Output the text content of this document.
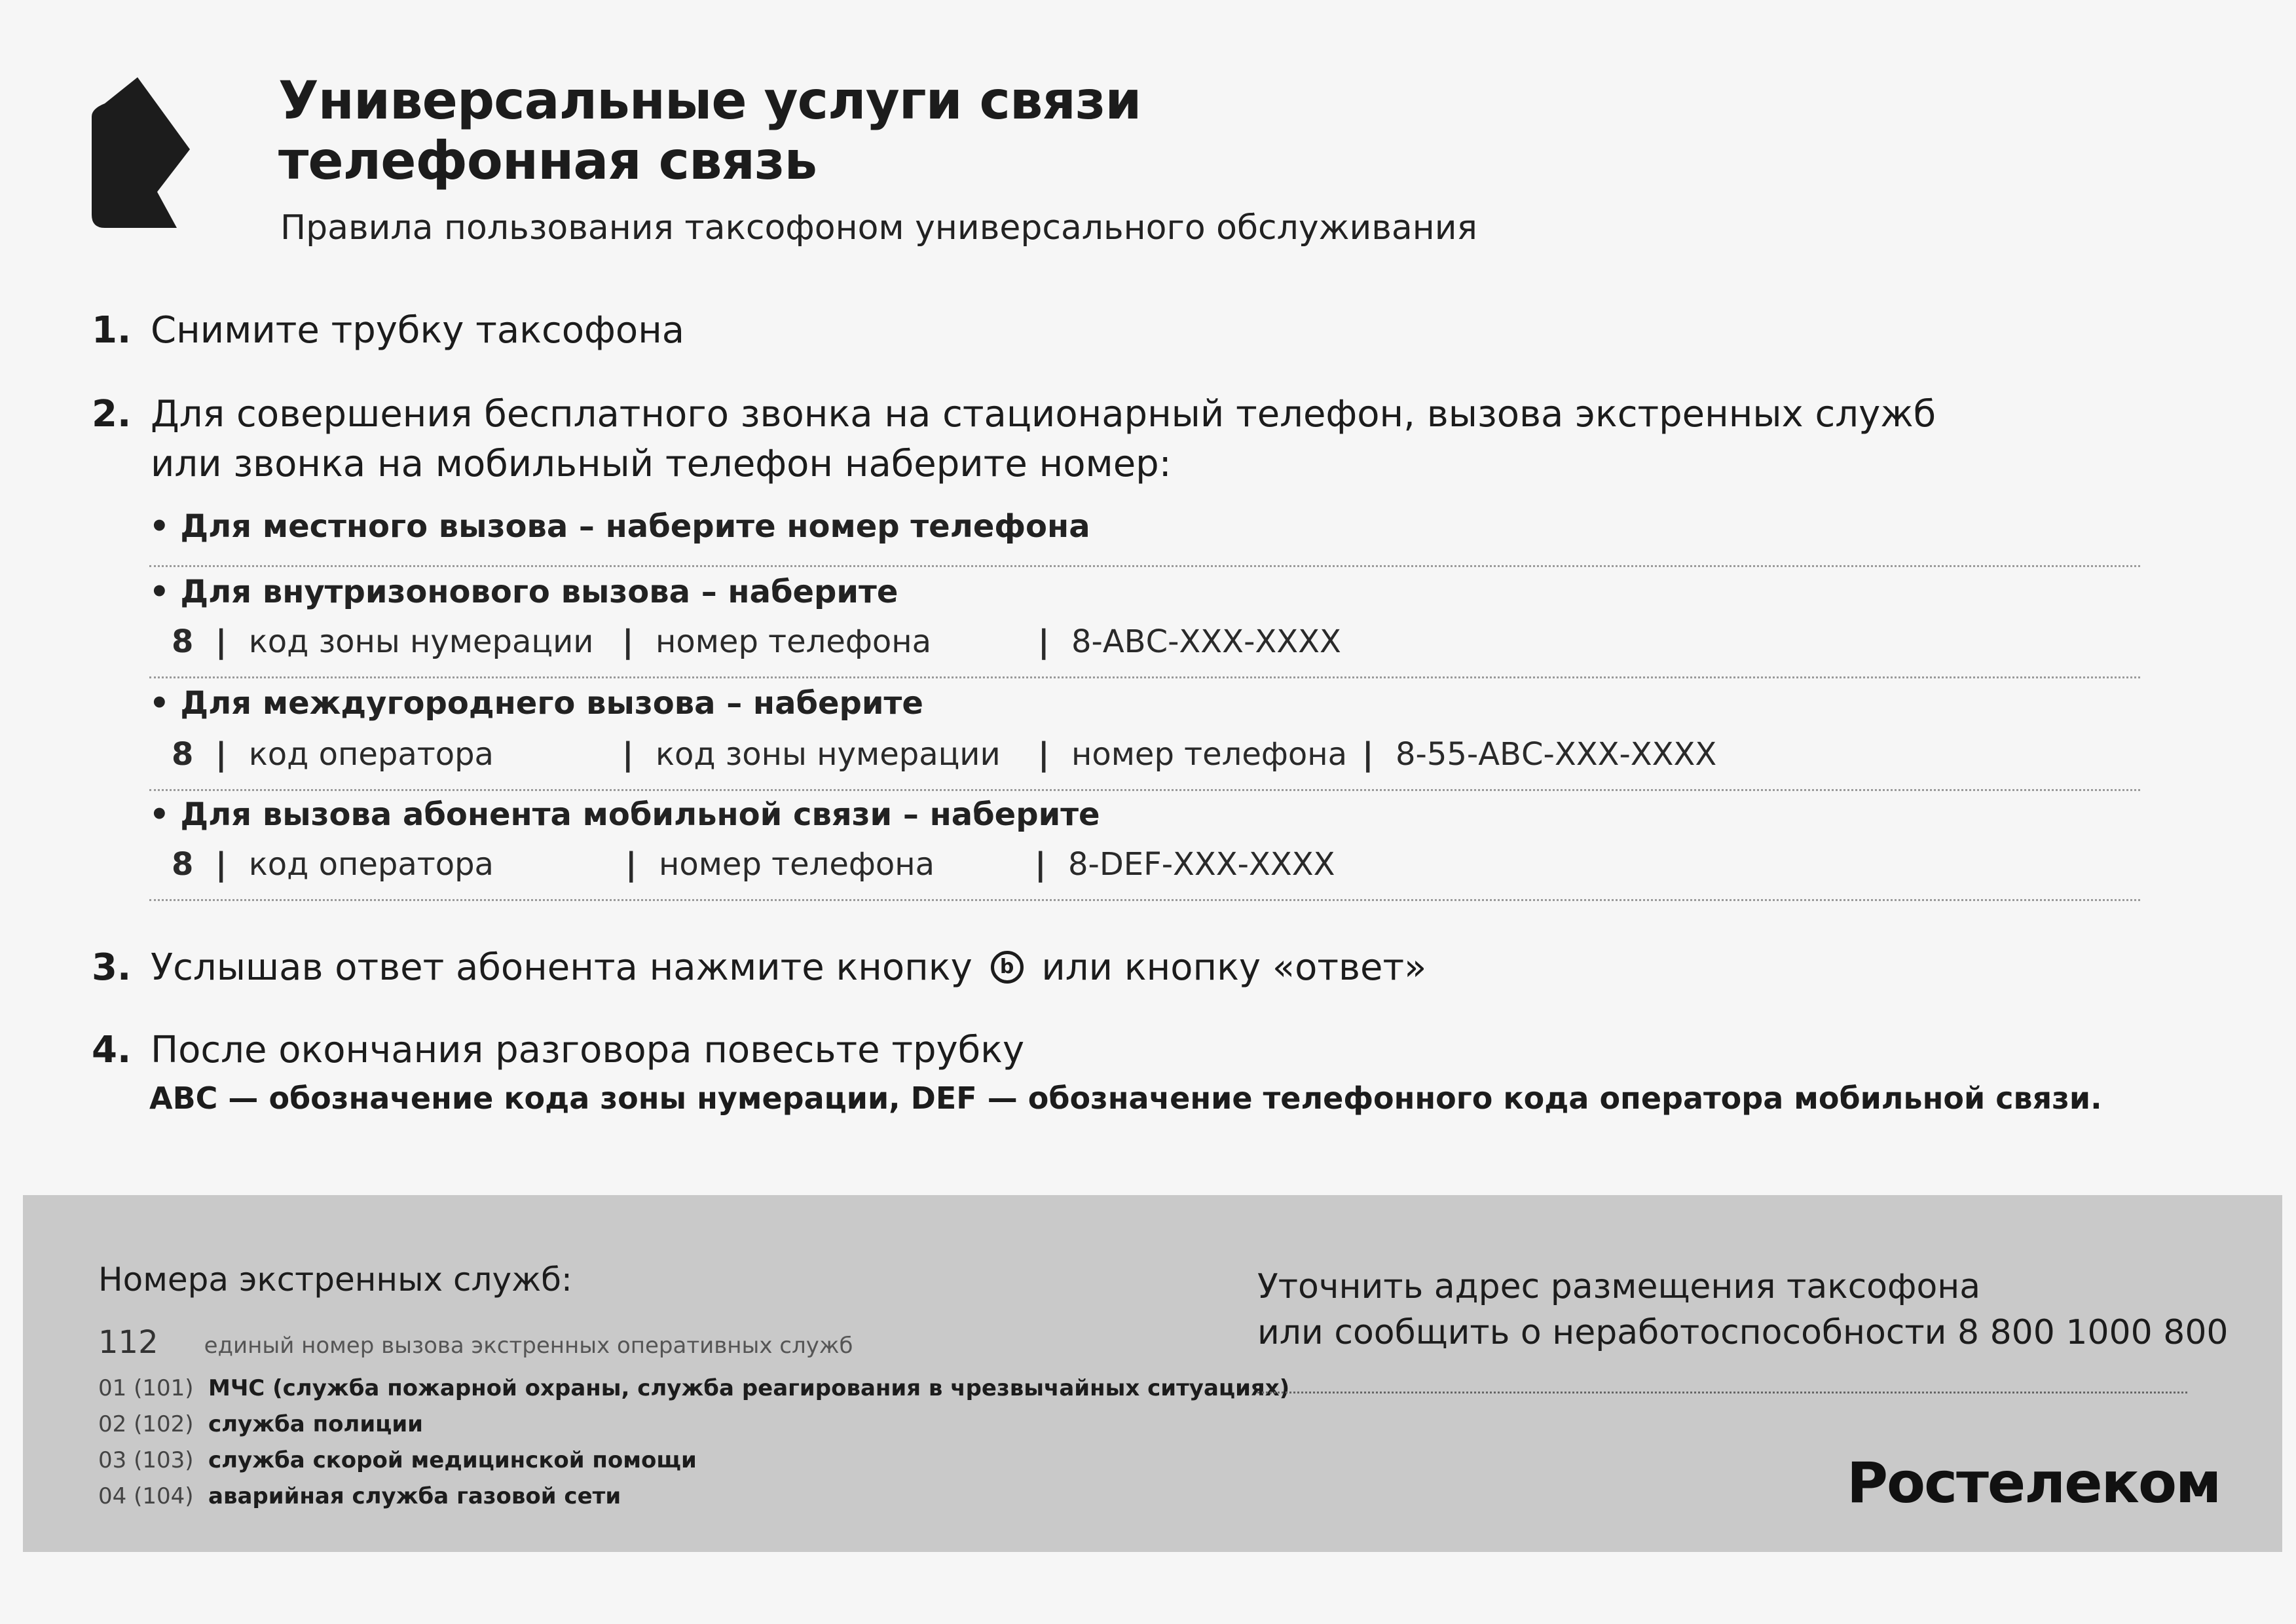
Универсальные услуги связи
телефонная связь
Правила пользования таксофоном универсального обслуживания
1. Снимите трубку таксофона
2. Для совершения бесплатного звонка на стационарный телефон, вызова экстренных служб
или звонка на мобильный телефон наберите номер:
• Для местного вызова – наберите номер телефона
• Для внутризонового вызова – наберите
8  |  код зоны нумерации |  номер телефона	|  8-АВС-ХХХ-ХХХХ
• Для междугороднего вызова – наберите
8  |  код оператора	|  код зоны нумерации |  номер телефона |  8-55-АВС-ХХХ-ХХХХ
• Для вызова абонента мобильной связи – наберите
8  |  код оператора	|  номер телефона	|  8-DEF-ХХХ-ХХХХ
3. Услышав ответ абонента нажмите кнопку b или кнопку «ответ»
4. После окончания разговора повесьте трубку
АВС — обозначение кода зоны нумерации, DEF — обозначение телефонного кода оператора мобильной связи.
Номера экстренных служб:
112 единый номер вызова экстренных оперативных служб
01 (101) МЧС (служба пожарной охраны, служба реагирования в чрезвычайных ситуациях)
02 (102) служба полиции
03 (103) служба скорой медицинской помощи
04 (104) аварийная служба газовой сети
Уточнить адрес размещения таксофона
или сообщить о неработоспособности 8 800 1000 800
Ростелеком
